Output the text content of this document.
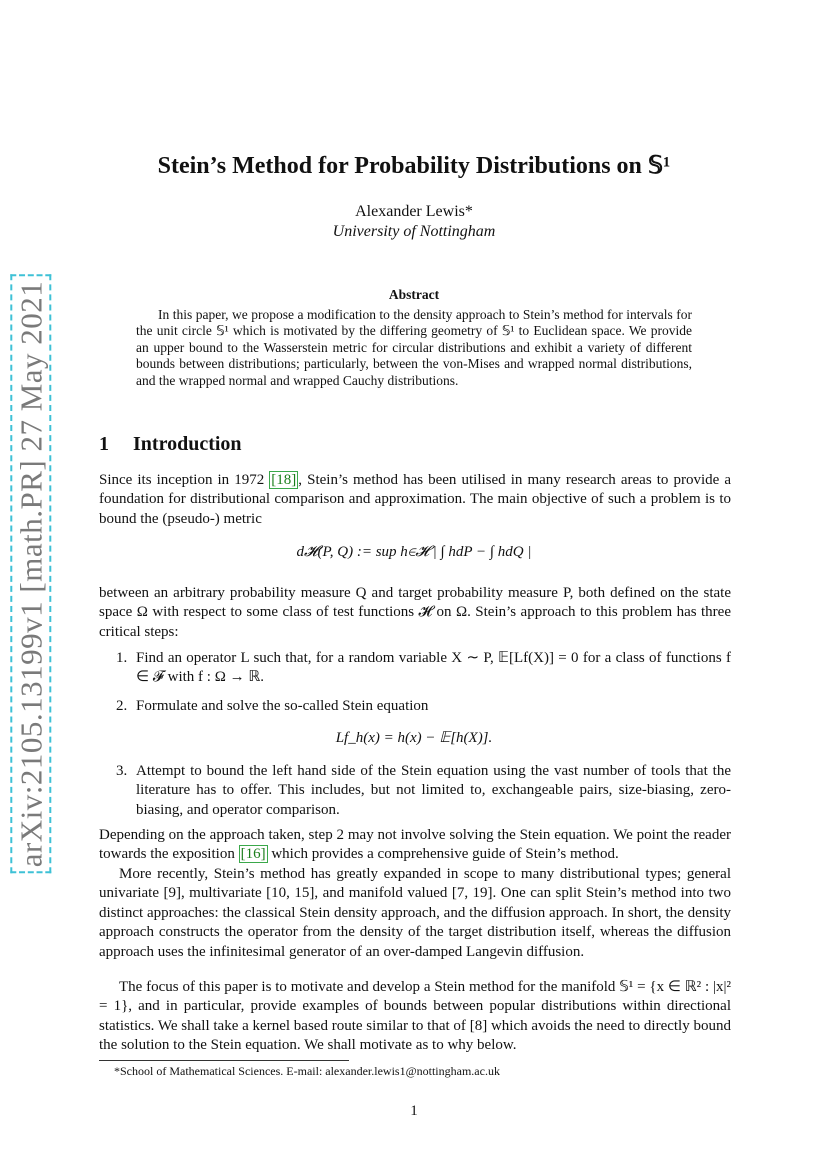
arXiv:2105.13199v1 [math.PR] 27 May 2021
Stein’s Method for Probability Distributions on 𝕊¹
Alexander Lewis*
University of Nottingham
Abstract
In this paper, we propose a modification to the density approach to Stein’s method for intervals for the unit circle 𝕊¹ which is motivated by the differing geometry of 𝕊¹ to Euclidean space. We provide an upper bound to the Wasserstein metric for circular distributions and exhibit a variety of different bounds between distributions; particularly, between the von-Mises and wrapped normal distributions, and the wrapped normal and wrapped Cauchy distributions.
1 Introduction
Since its inception in 1972 [18] , Stein’s method has been utilised in many research areas to provide a foundation for distributional comparison and approximation. The main objective of such a problem is to bound the (pseudo-) metric
d𝓗(P, Q) := sup h∈𝓗 | ∫ hdP − ∫ hdQ |
between an arbitrary probability measure Q and target probability measure P, both defined on the state space Ω with respect to some class of test functions 𝓗 on Ω. Stein’s approach to this problem has three critical steps:
1. Find an operator L such that, for a random variable X ∼ P, 𝔼[Lf(X)] = 0 for a class of functions f ∈ 𝓕 with f : Ω → ℝ.
2. Formulate and solve the so-called Stein equation
Lf_h(x) = h(x) − 𝔼[h(X)].
3. Attempt to bound the left hand side of the Stein equation using the vast number of tools that the literature has to offer. This includes, but not limited to, exchangeable pairs, size-biasing, zero-biasing, and operator comparison.
Depending on the approach taken, step 2 may not involve solving the Stein equation. We point the reader towards the exposition [16] which provides a comprehensive guide of Stein’s method.
More recently, Stein’s method has greatly expanded in scope to many distributional types; general univariate [9], multivariate [10, 15], and manifold valued [7, 19]. One can split Stein’s method into two distinct approaches: the classical Stein density approach, and the diffusion approach. In short, the density approach constructs the operator from the density of the target distribution itself, whereas the diffusion approach uses the infinitesimal generator of an over-damped Langevin diffusion.
The focus of this paper is to motivate and develop a Stein method for the manifold 𝕊¹ = {x ∈ ℝ² : |x|² = 1}, and in particular, provide examples of bounds between popular distributions within directional statistics. We shall take a kernel based route similar to that of [8] which avoids the need to directly bound the solution to the Stein equation. We shall motivate as to why below.
*School of Mathematical Sciences. E-mail: alexander.lewis1@nottingham.ac.uk
1
